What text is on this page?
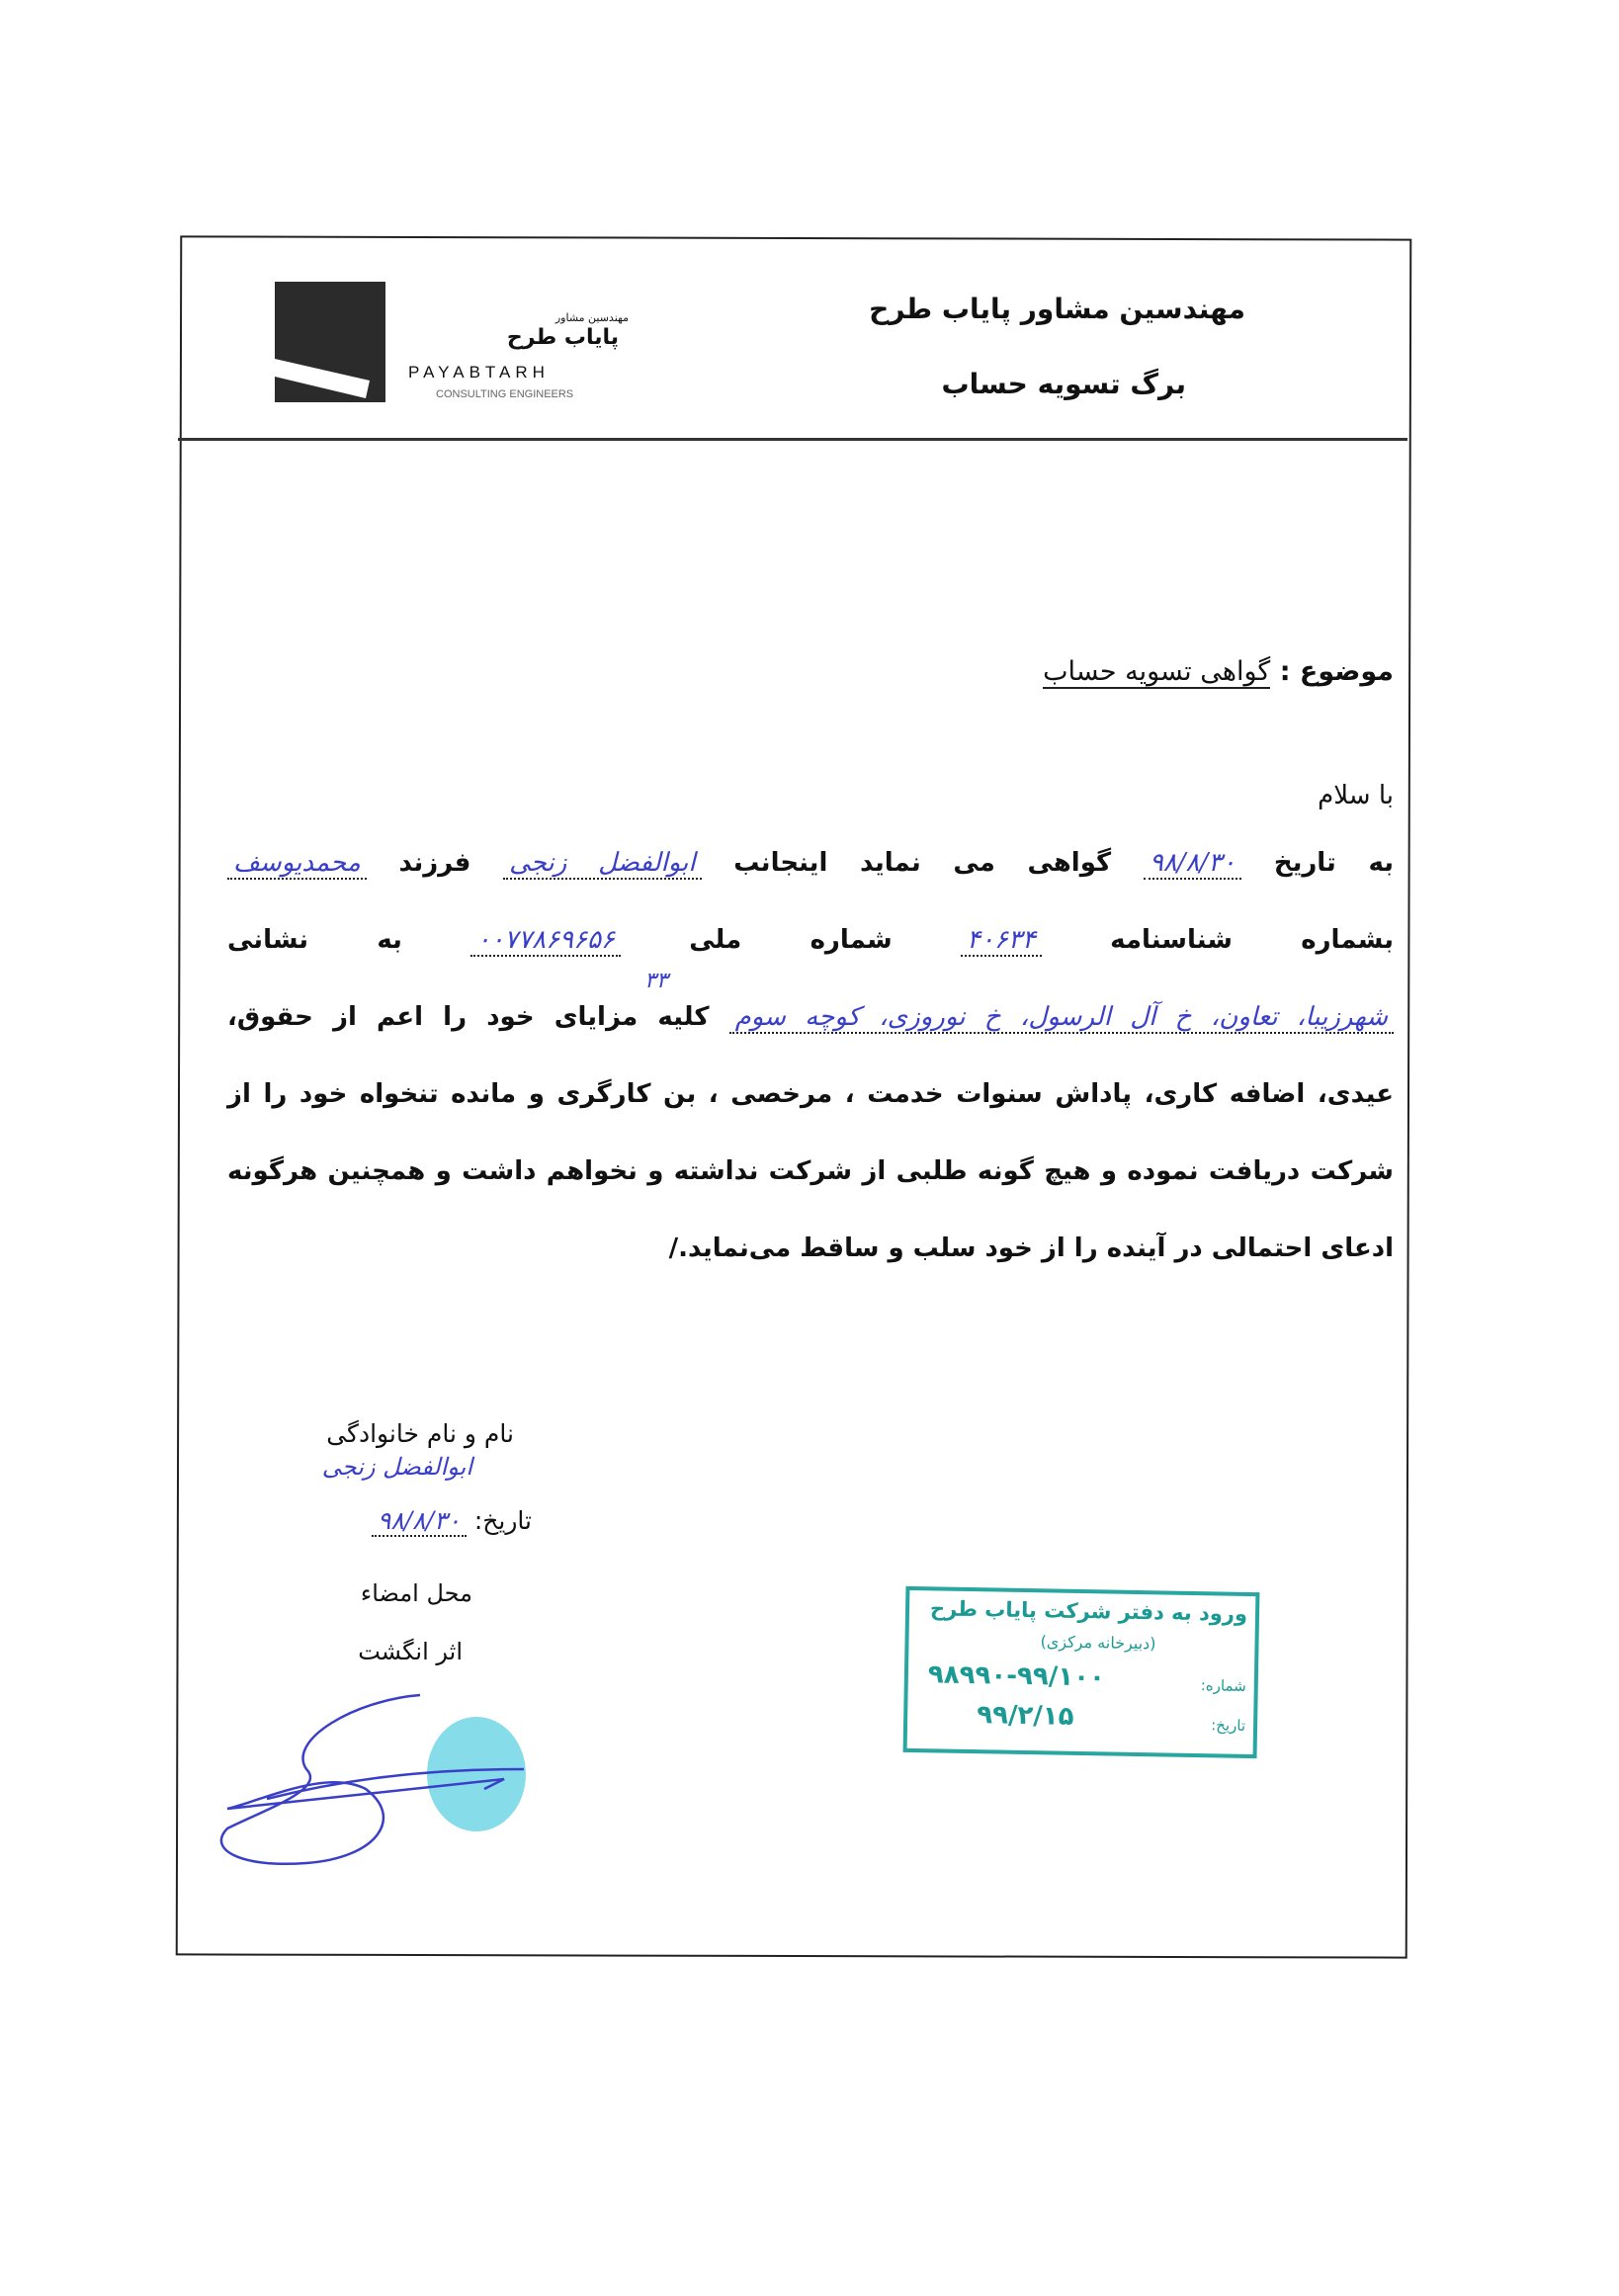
مهندسین مشاور
پایاب طرح
PAYABTARH
CONSULTING ENGINEERS
مهندسین مشاور پایاب طرح
برگ تسویه حساب
موضوع : گواهی تسویه حساب
با سلام
به تاریخ ۹۸/۸/۳۰ گواهی می نماید اینجانب ابوالفضل زنجی فرزند محمدیوسف
بشماره شناسنامه ۴۰۶۳۴ شماره ملی ۰۰۷۷۸۶۹۶۵۶ به نشانی
۳۳
شهرزیبا، تعاون، خ آل الرسول، خ نوروزی، کوچه سوم کلیه مزایای خود را اعم از حقوق،
عیدی، اضافه کاری، پاداش سنوات خدمت ، مرخصی ، بن کارگری و مانده تنخواه خود را از
شرکت دریافت نموده و هیچ گونه طلبی از شرکت نداشته و نخواهم داشت و همچنین هرگونه
ادعای احتمالی در آینده را از خود سلب و ساقط می‌نماید./
نام و نام خانوادگی
ابوالفضل زنجی
تاریخ: ۹۸/۸/۳۰
محل امضاء
اثر انگشت
ورود به دفتر شرکت پایاب طرح
(دبیرخانه مرکزی)
شماره:
۹۸۹۹۰-۹۹/۱۰۰
تاریخ:
۹۹/۲/۱۵
